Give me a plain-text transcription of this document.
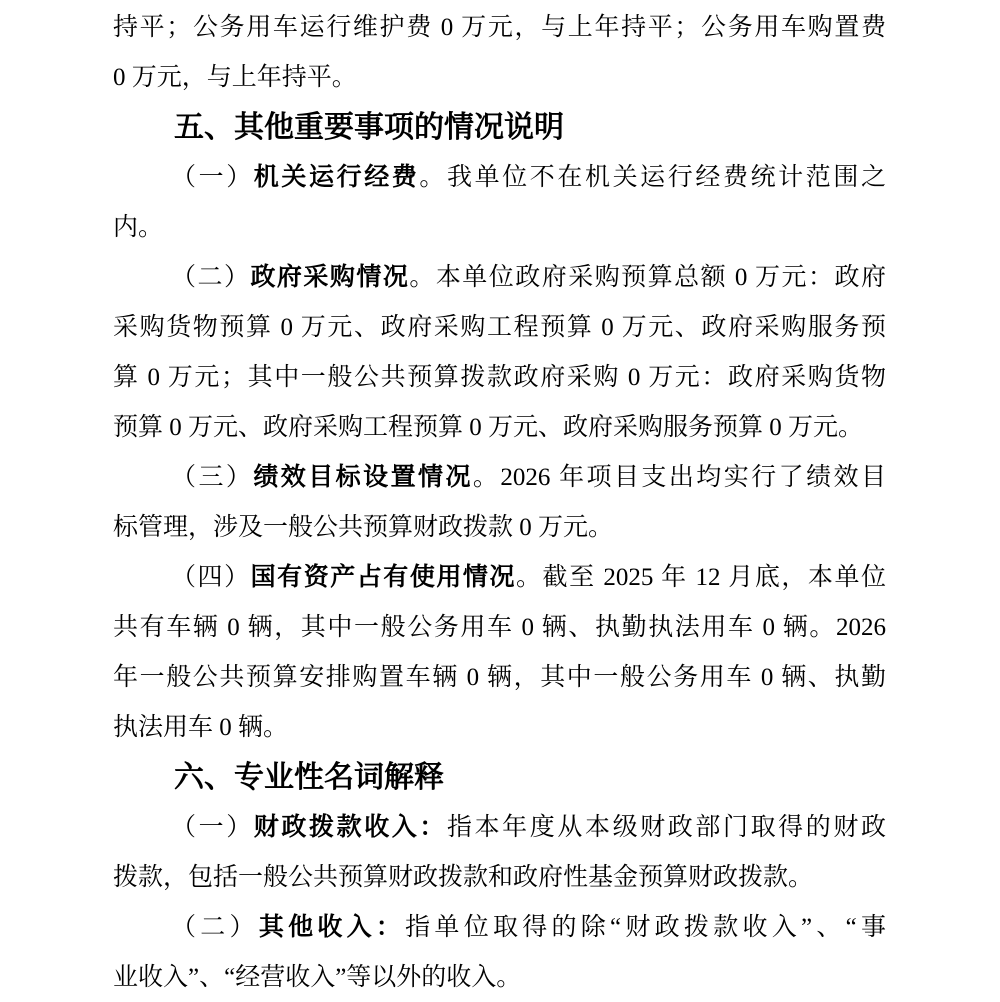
持平；公务用车运行维护费 0 万元，与上年持平；公务用车购置费
0 万元，与上年持平。
五、其他重要事项的情况说明
（一）机关运行经费。我单位不在机关运行经费统计范围之
内。
（二）政府采购情况。本单位政府采购预算总额 0 万元：政府
采购货物预算 0 万元、政府采购工程预算 0 万元、政府采购服务预
算 0 万元；其中一般公共预算拨款政府采购 0 万元：政府采购货物
预算 0 万元、政府采购工程预算 0 万元、政府采购服务预算 0 万元。
（三）绩效目标设置情况。2026 年项目支出均实行了绩效目
标管理，涉及一般公共预算财政拨款 0 万元。
（四）国有资产占有使用情况。截至 2025 年 12 月底，本单位
共有车辆 0 辆，其中一般公务用车 0 辆、执勤执法用车 0 辆。2026
年一般公共预算安排购置车辆 0 辆，其中一般公务用车 0 辆、执勤
执法用车 0 辆。
六、专业性名词解释
（一）财政拨款收入：指本年度从本级财政部门取得的财政
拨款，包括一般公共预算财政拨款和政府性基金预算财政拨款。
（二）其他收入：指单位取得的除“财政拨款收入”、“事
业收入”、“经营收入”等以外的收入。
